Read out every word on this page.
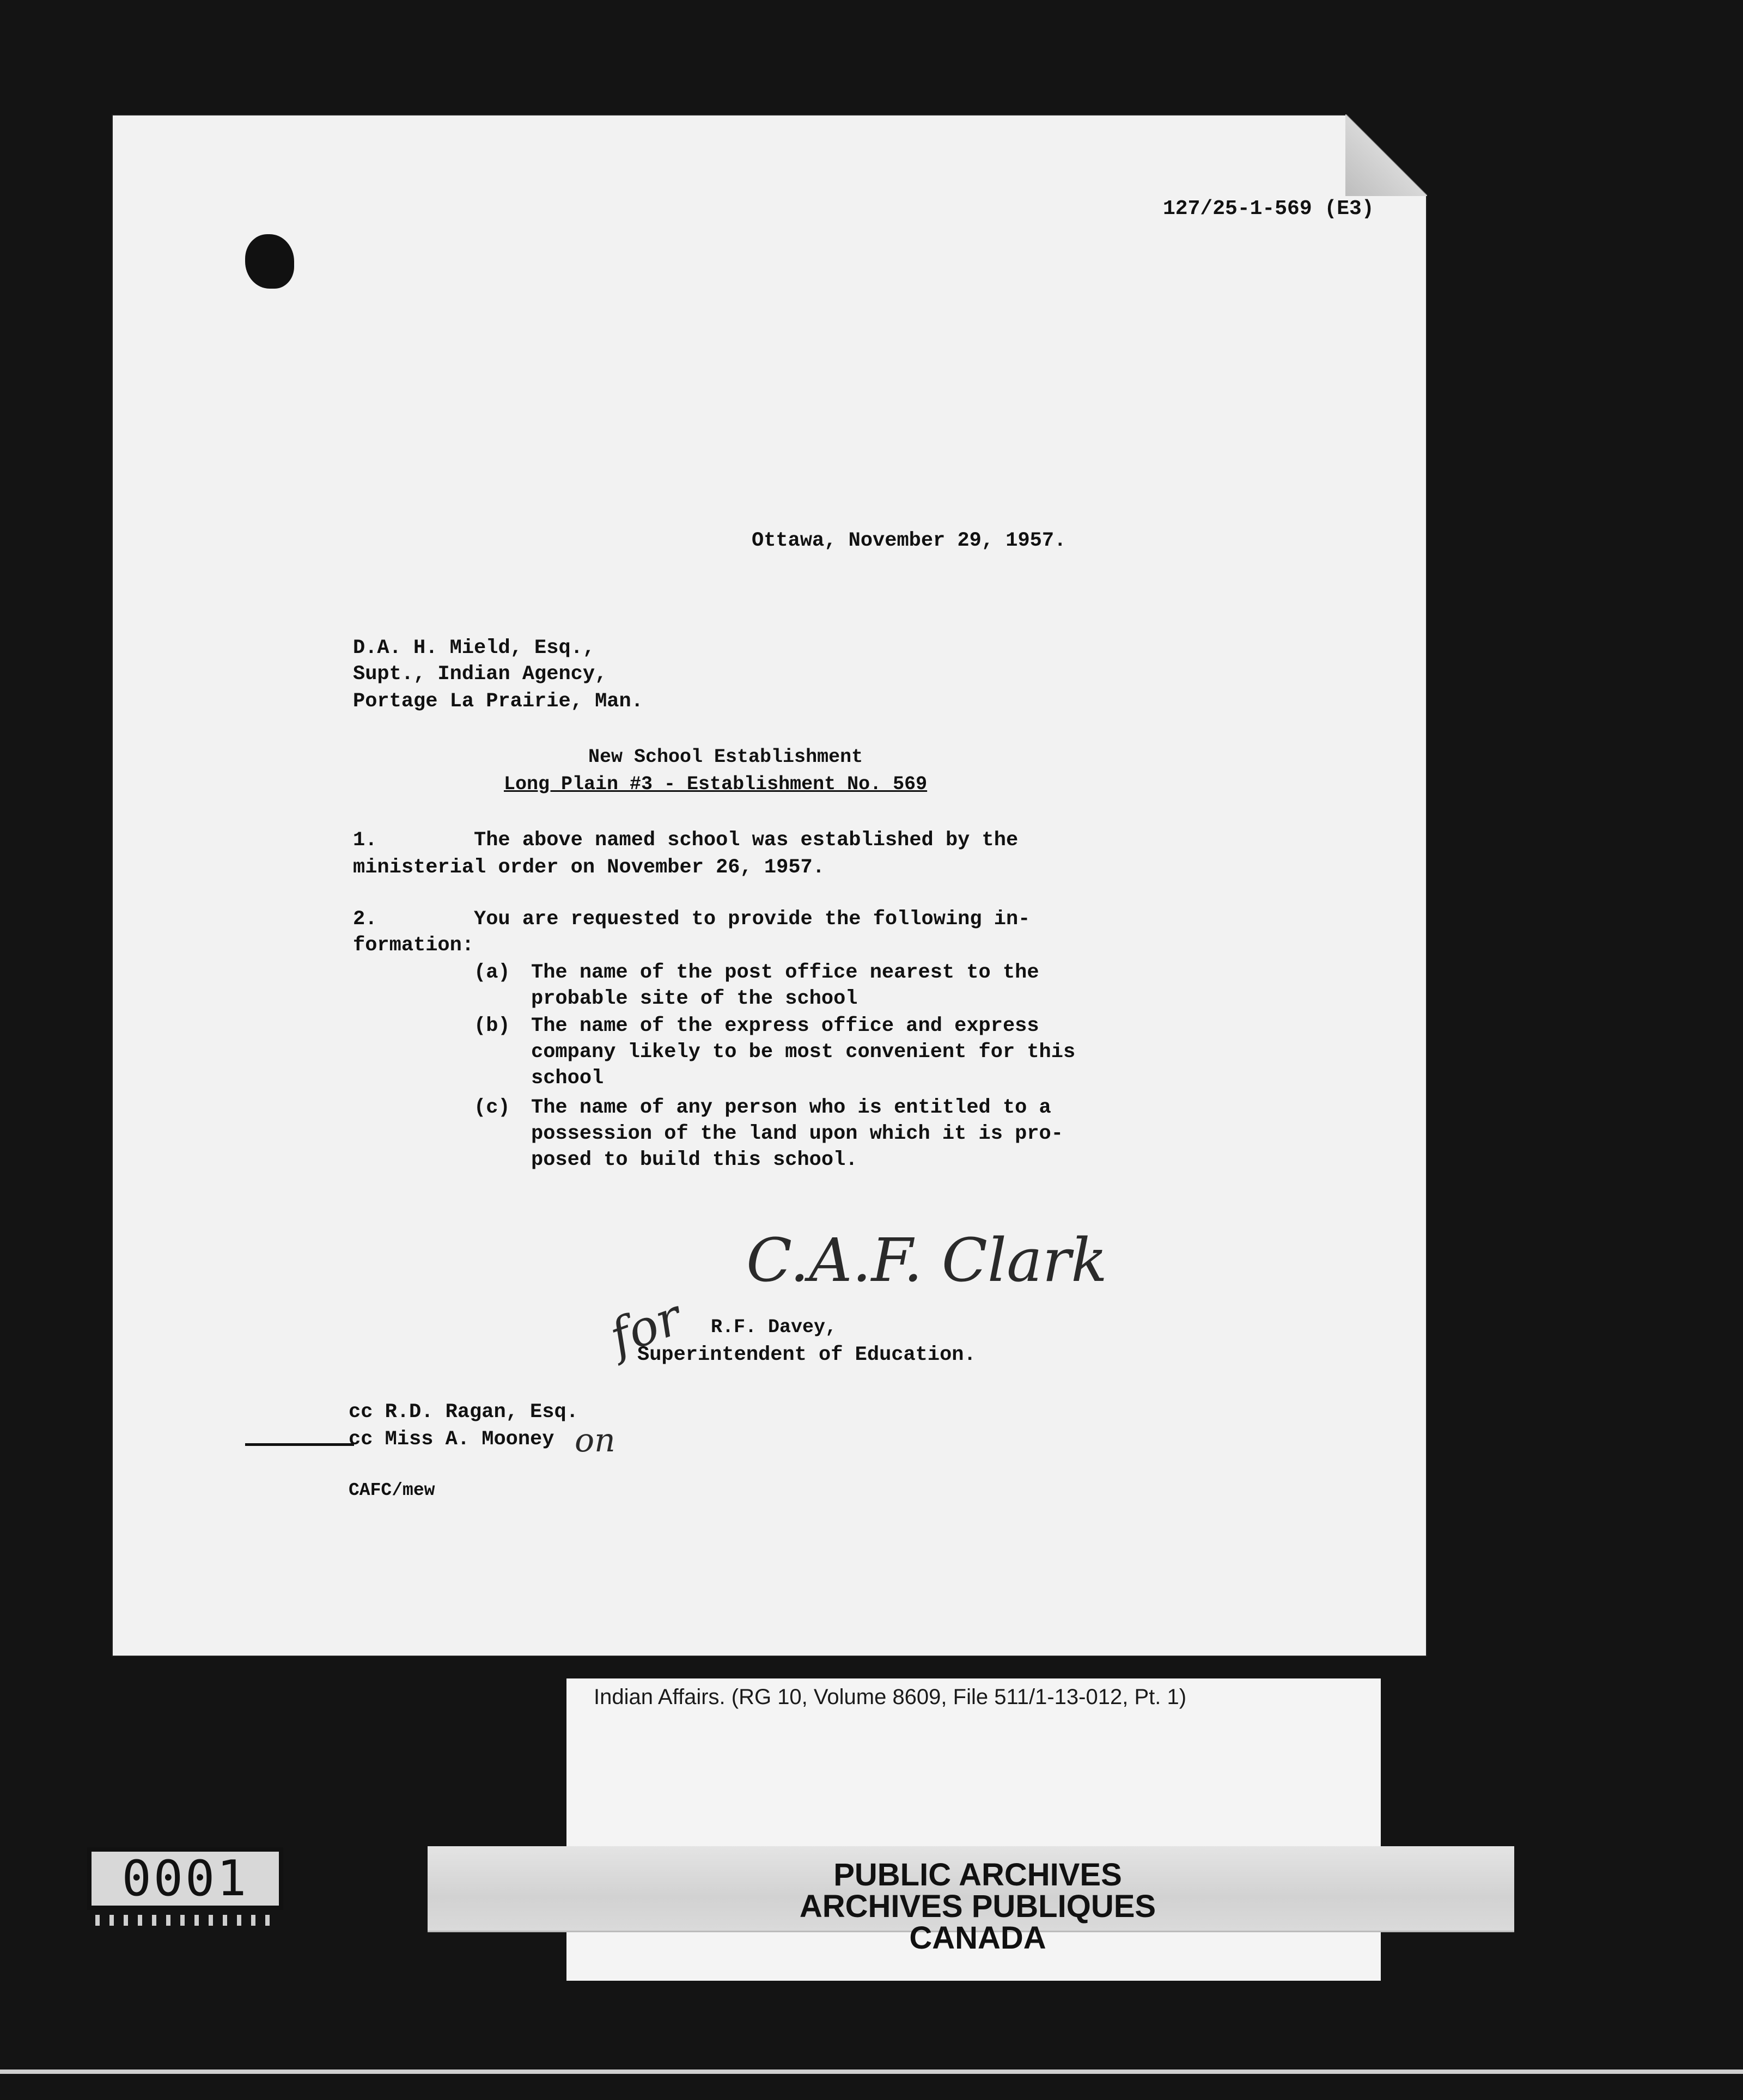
127/25-1-569 (E3)
Ottawa, November 29, 1957.
D.A. H. Mield, Esq.,
Supt., Indian Agency,
Portage La Prairie, Man.
New School Establishment
Long Plain #3 - Establishment No. 569
1.	The above named school was established by the
ministerial order on November 26, 1957.
2.	You are requested to provide the following in-
formation:
(a) The name of the post office nearest to the
probable site of the school
(b) The name of the express office and express
company likely to be most convenient for this
school
(c) The name of any person who is entitled to a
possession of the land upon which it is pro-
posed to build this school.
C.A.F. Clark
for R.F. Davey,
Superintendent of Education.
cc R.D. Ragan, Esq.
cc Miss A. Mooney on
CAFC/mew
Indian Affairs. (RG 10, Volume 8609, File 511/1-13-012, Pt. 1)
PUBLIC ARCHIVES
ARCHIVES PUBLIQUES
CANADA
0001
